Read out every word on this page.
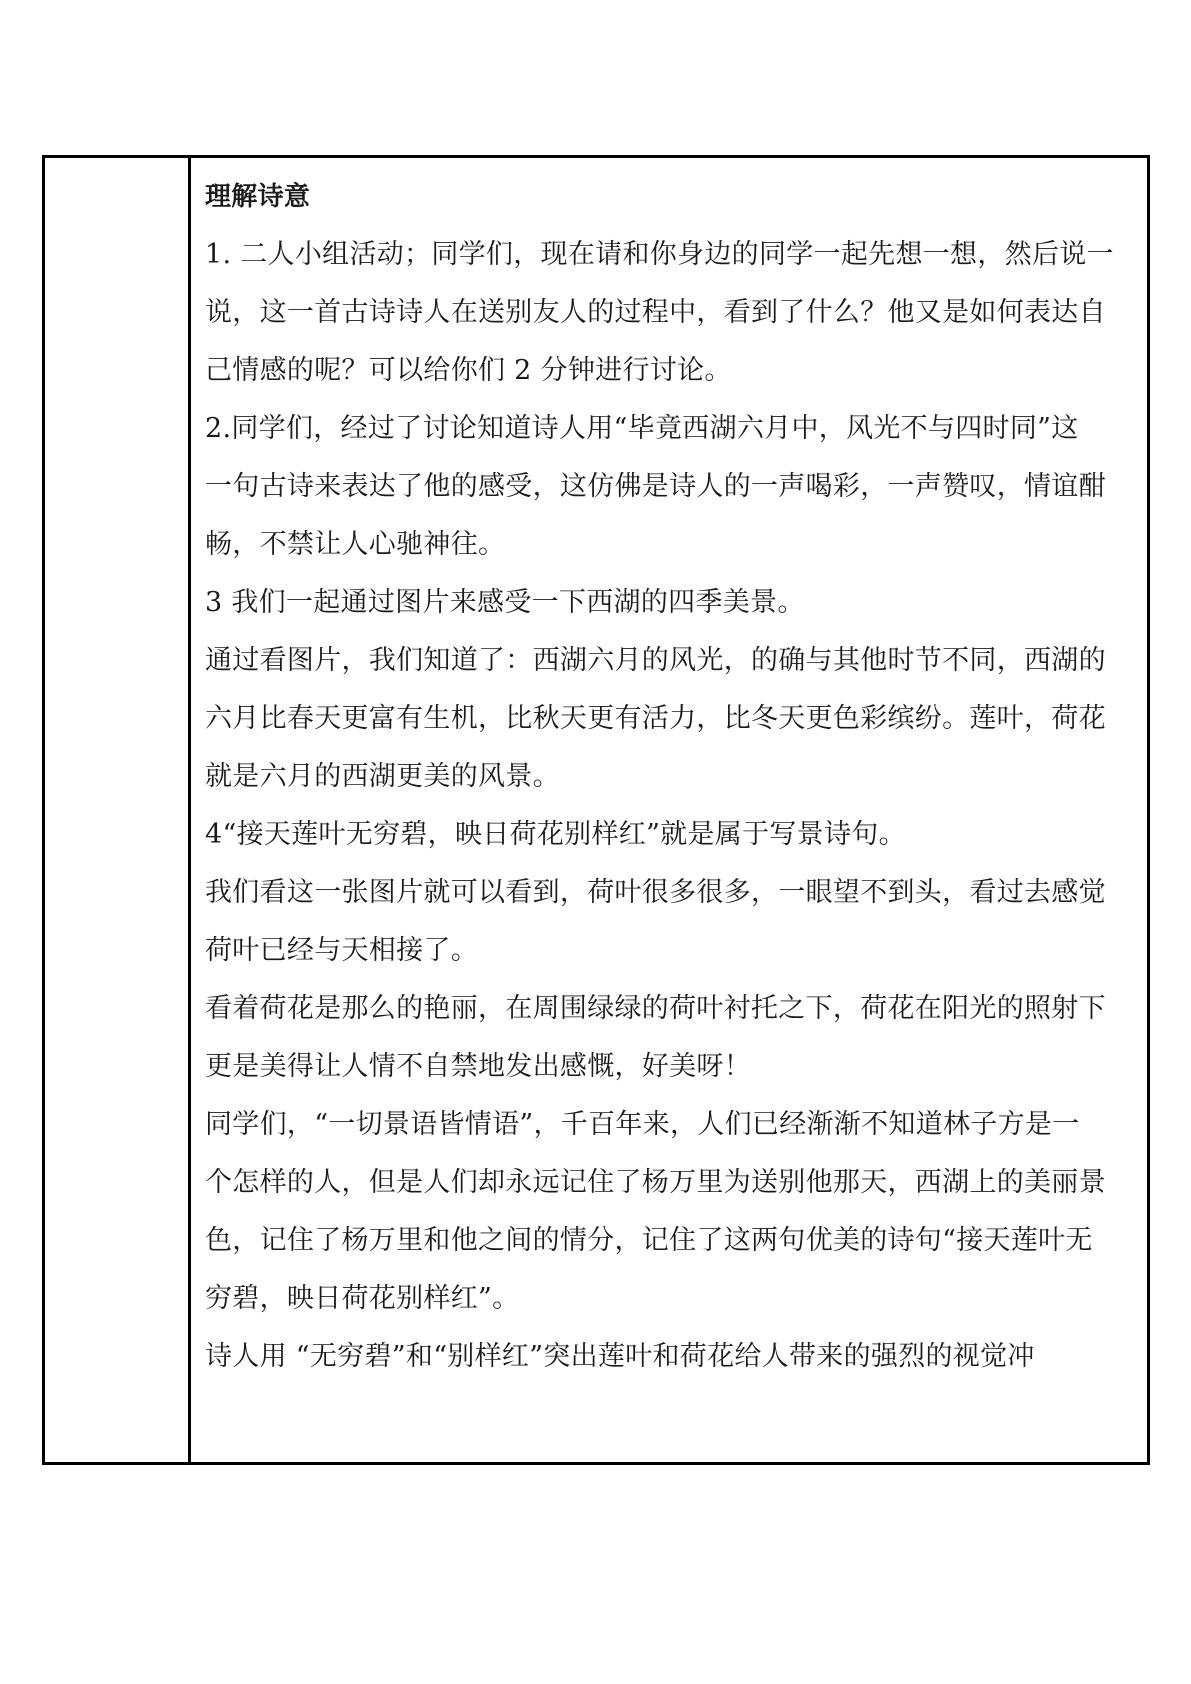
理解诗意
1. 二人小组活动；同学们，现在请和你身边的同学一起先想一想，然后说一
说，这一首古诗诗人在送别友人的过程中，看到了什么？他又是如何表达自
己情感的呢？可以给你们 2 分钟进行讨论。
2.同学们，经过了讨论知道诗人用“毕竟西湖六月中，风光不与四时同”这
一句古诗来表达了他的感受，这仿佛是诗人的一声喝彩，一声赞叹，情谊酣
畅，不禁让人心驰神往。
3 我们一起通过图片来感受一下西湖的四季美景。
通过看图片，我们知道了：西湖六月的风光，的确与其他时节不同，西湖的
六月比春天更富有生机，比秋天更有活力，比冬天更色彩缤纷。莲叶，荷花
就是六月的西湖更美的风景。
4“接天莲叶无穷碧，映日荷花别样红”就是属于写景诗句。
我们看这一张图片就可以看到，荷叶很多很多，一眼望不到头，看过去感觉
荷叶已经与天相接了。
看着荷花是那么的艳丽，在周围绿绿的荷叶衬托之下，荷花在阳光的照射下
更是美得让人情不自禁地发出感慨，好美呀！
同学们，“一切景语皆情语”，千百年来，人们已经渐渐不知道林子方是一
个怎样的人，但是人们却永远记住了杨万里为送别他那天，西湖上的美丽景
色，记住了杨万里和他之间的情分，记住了这两句优美的诗句“接天莲叶无
穷碧，映日荷花别样红”。
诗人用 “无穷碧”和“别样红”突出莲叶和荷花给人带来的强烈的视觉冲
